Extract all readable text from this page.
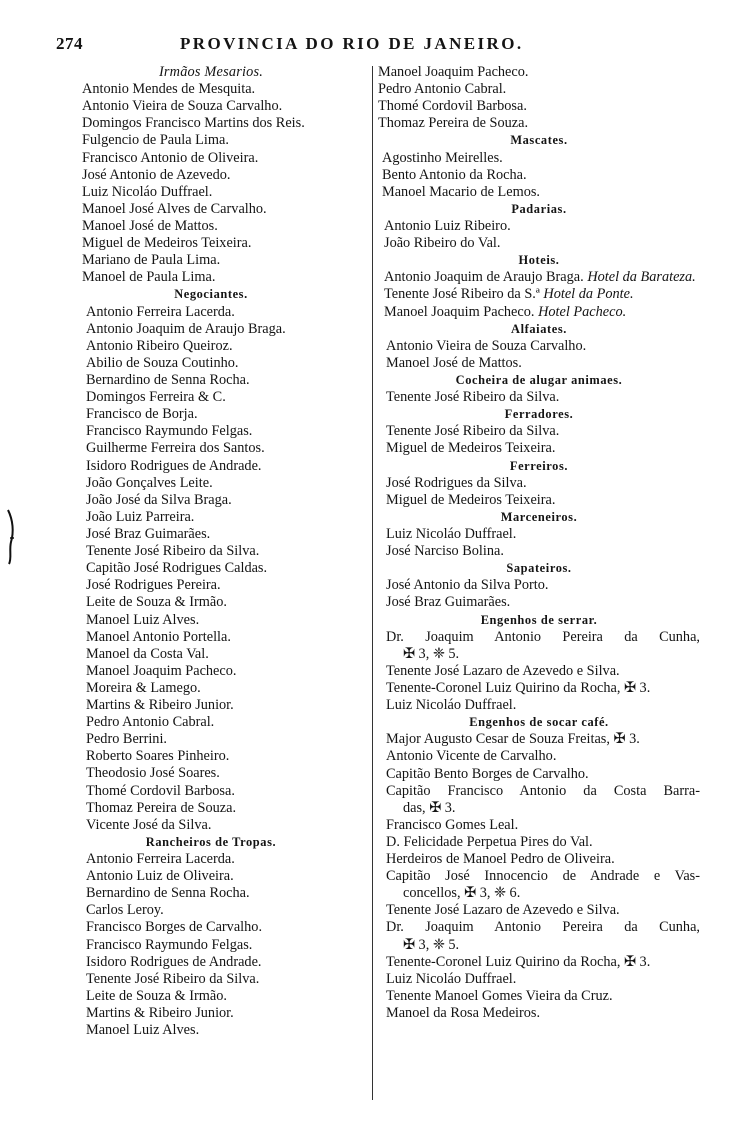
274	PROVINCIA DO RIO DE JANEIRO.
Irmãos Mesarios.
Antonio Mendes de Mesquita.
Antonio Vieira de Souza Carvalho.
Domingos Francisco Martins dos Reis.
Fulgencio de Paula Lima.
Francisco Antonio de Oliveira.
José Antonio de Azevedo.
Luiz Nicoláo Duffrael.
Manoel José Alves de Carvalho.
Manoel José de Mattos.
Miguel de Medeiros Teixeira.
Mariano de Paula Lima.
Manoel de Paula Lima.
Negociantes.
Antonio Ferreira Lacerda.
Antonio Joaquim de Araujo Braga.
Antonio Ribeiro Queiroz.
Abilio de Souza Coutinho.
Bernardino de Senna Rocha.
Domingos Ferreira & C.
Francisco de Borja.
Francisco Raymundo Felgas.
Guilherme Ferreira dos Santos.
Isidoro Rodrigues de Andrade.
João Gonçalves Leite.
João José da Silva Braga.
João Luiz Parreira.
José Braz Guimarães.
Tenente José Ribeiro da Silva.
Capitão José Rodrigues Caldas.
José Rodrigues Pereira.
Leite de Souza & Irmão.
Manoel Luiz Alves.
Manoel Antonio Portella.
Manoel da Costa Val.
Manoel Joaquim Pacheco.
Moreira & Lamego.
Martins & Ribeiro Junior.
Pedro Antonio Cabral.
Pedro Berrini.
Roberto Soares Pinheiro.
Theodosio José Soares.
Thomé Cordovil Barbosa.
Thomaz Pereira de Souza.
Vicente José da Silva.
Rancheiros de Tropas.
Antonio Ferreira Lacerda.
Antonio Luiz de Oliveira.
Bernardino de Senna Rocha.
Carlos Leroy.
Francisco Borges de Carvalho.
Francisco Raymundo Felgas.
Isidoro Rodrigues de Andrade.
Tenente José Ribeiro da Silva.
Leite de Souza & Irmão.
Martins & Ribeiro Junior.
Manoel Luiz Alves.
Manoel Joaquim Pacheco.
Pedro Antonio Cabral.
Thomé Cordovil Barbosa.
Thomaz Pereira de Souza.
Mascates.
Agostinho Meirelles.
Bento Antonio da Rocha.
Manoel Macario de Lemos.
Padarias.
Antonio Luiz Ribeiro.
João Ribeiro do Val.
Hoteis.
Antonio Joaquim de Araujo Braga. Hotel da Barateza.
Tenente José Ribeiro da S.ª Hotel da Ponte.
Manoel Joaquim Pacheco. Hotel Pacheco.
Alfaiates.
Antonio Vieira de Souza Carvalho.
Manoel José de Mattos.
Cocheira de alugar animaes.
Tenente José Ribeiro da Silva.
Ferradores.
Tenente José Ribeiro da Silva.
Miguel de Medeiros Teixeira.
Ferreiros.
José Rodrigues da Silva.
Miguel de Medeiros Teixeira.
Marceneiros.
Luiz Nicoláo Duffrael.
José Narciso Bolina.
Sapateiros.
José Antonio da Silva Porto.
José Braz Guimarães.
Engenhos de serrar.
Dr. Joaquim Antonio Pereira da Cunha,
✠ 3, ❈ 5.
Tenente José Lazaro de Azevedo e Silva.
Tenente-Coronel Luiz Quirino da Rocha, ✠ 3.
Luiz Nicoláo Duffrael.
Engenhos de socar café.
Major Augusto Cesar de Souza Freitas, ✠ 3.
Antonio Vicente de Carvalho.
Capitão Bento Borges de Carvalho.
Capitão Francisco Antonio da Costa Barra-
das, ✠ 3.
Francisco Gomes Leal.
D. Felicidade Perpetua Pires do Val.
Herdeiros de Manoel Pedro de Oliveira.
Capitão José Innocencio de Andrade e Vas-
concellos, ✠ 3, ❈ 6.
Tenente José Lazaro de Azevedo e Silva.
Dr. Joaquim Antonio Pereira da Cunha,
✠ 3, ❈ 5.
Tenente-Coronel Luiz Quirino da Rocha, ✠ 3.
Luiz Nicoláo Duffrael.
Tenente Manoel Gomes Vieira da Cruz.
Manoel da Rosa Medeiros.
